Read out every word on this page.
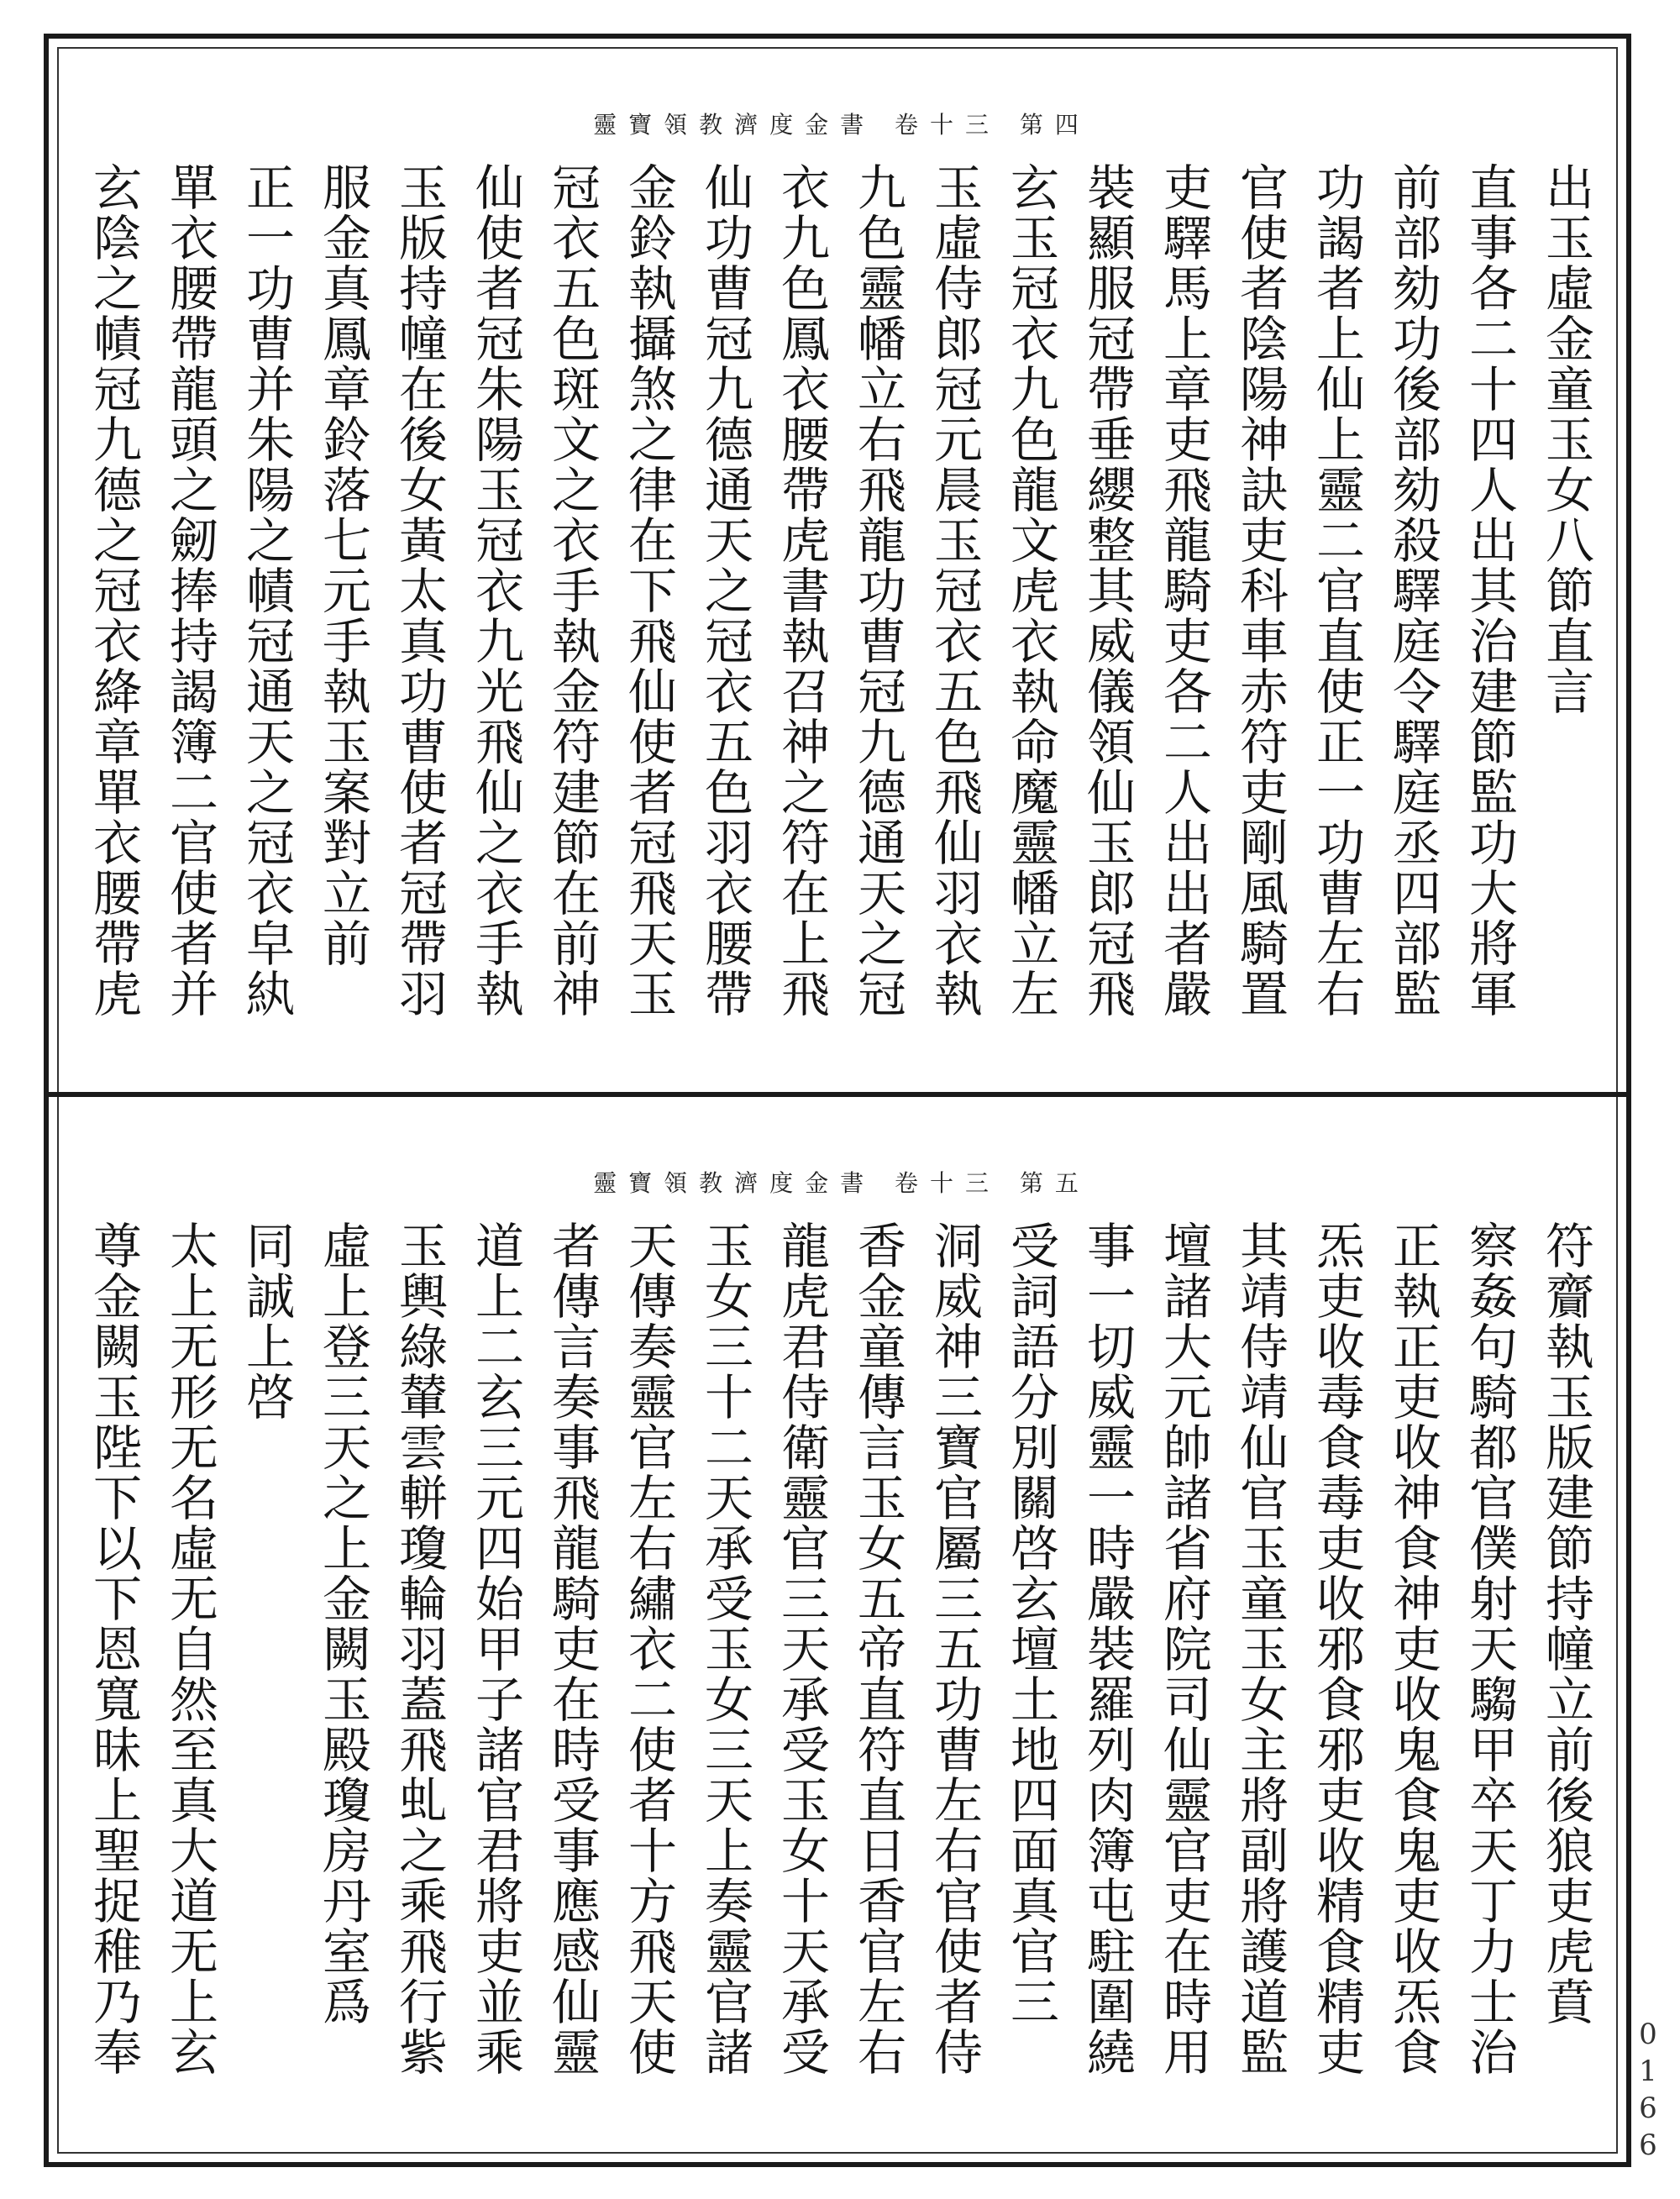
靈寶領教濟度金書 卷十三 第四
出玉虛金童玉女八節直言
直事各二十四人出其治建節監功大將軍
前部劾功後部劾殺驛庭令驛庭丞四部監
功謁者上仙上靈二官直使正一功曹左右
官使者陰陽神訣吏科車赤符吏剛風騎置
吏驛馬上章吏飛龍騎吏各二人出出者嚴
裝顯服冠帶垂纓整其威儀領仙玉郎冠飛
玄玉冠衣九色龍文虎衣執命魔靈幡立左
玉虛侍郎冠元晨玉冠衣五色飛仙羽衣執
九色靈幡立右飛龍功曹冠九德通天之冠
衣九色鳳衣腰帶虎書執召神之符在上飛
仙功曹冠九德通天之冠衣五色羽衣腰帶
金鈴執攝煞之律在下飛仙使者冠飛天玉
冠衣五色斑文之衣手執金符建節在前神
仙使者冠朱陽玉冠衣九光飛仙之衣手執
玉版持幢在後女黃太真功曹使者冠帶羽
服金真鳳章鈴落七元手執玉案對立前
正一功曹并朱陽之幘冠通天之冠衣皁紈
單衣腰帶龍頭之劒捧持謁簿二官使者并
玄陰之幘冠九德之冠衣絳章單衣腰帶虎
靈寶領教濟度金書 卷十三 第五
符齎執玉版建節持幢立前後狼吏虎賁
察姦句騎都官僕射天騶甲卒天丁力士治
正執正吏收神食神吏收鬼食鬼吏收炁食
炁吏收毒食毒吏收邪食邪吏收精食精吏
其靖侍靖仙官玉童玉女主將副將護道監
壇諸大元帥諸省府院司仙靈官吏在時用
事一切威靈一時嚴裝羅列肉簿屯駐圍繞
受詞語分別關啓玄壇土地四面真官三
洞威神三寶官屬三五功曹左右官使者侍
香金童傳言玉女五帝直符直日香官左右
龍虎君侍衛靈官三天承受玉女十天承受
玉女三十二天承受玉女三天上奏靈官諸
天傳奏靈官左右繡衣二使者十方飛天使
者傳言奏事飛龍騎吏在時受事應感仙靈
道上二玄三元四始甲子諸官君將吏並乘
玉輿綠輦雲軿瓊輪羽蓋飛虬之乘飛行紫
虛上登三天之上金闕玉殿瓊房丹室爲
同誠上啓
太上无形无名虛无自然至真大道无上玄
尊金闕玉陛下以下恩寬昧上聖捉稚乃奉
0166
